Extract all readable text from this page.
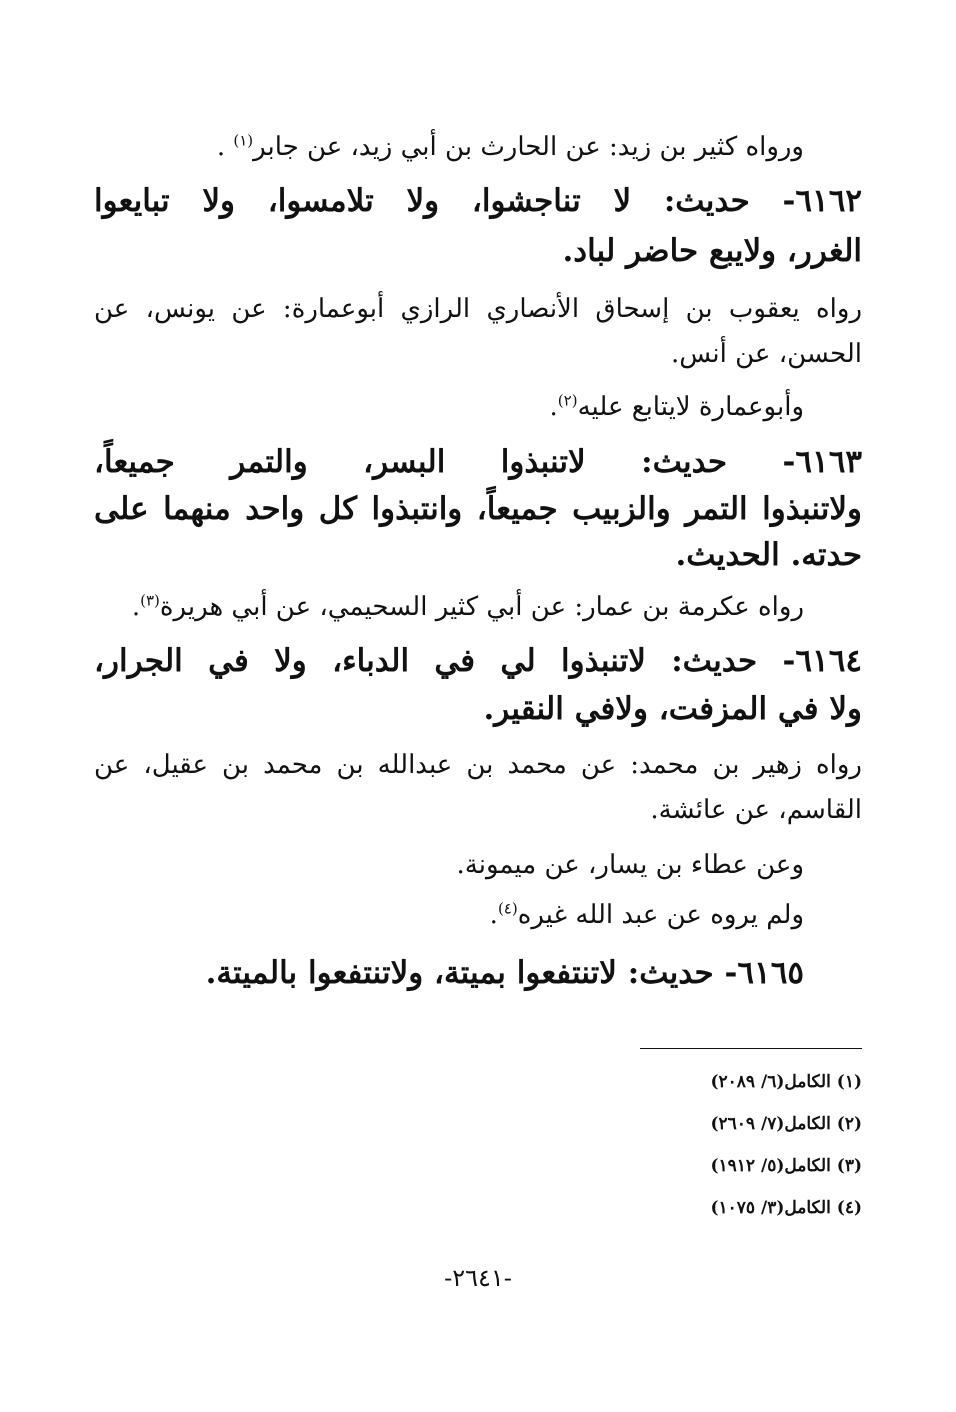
ورواه كثير بن زيد: عن الحارث بن أبي زيد، عن جابر$^{(١)}$ .
٦١٦٢- حديث: لا تناجشوا، ولا تلامسوا، ولا تبايعوا
الغرر، ولايبع حاضر لباد.
رواه يعقوب بن إسحاق الأنصاري الرازي أبوعمارة: عن يونس، عن
الحسن، عن أنس.
وأبوعمارة لايتابع عليه$^{(٢)}$.
٦١٦٣- حديث: لاتنبذوا البسر، والتمر جميعاً،
ولاتنبذوا التمر والزبيب جميعاً، وانتبذوا كل واحد منهما على
حدته. الحديث.
رواه عكرمة بن عمار: عن أبي كثير السحيمي، عن أبي هريرة$^{(٣)}$.
٦١٦٤- حديث: لاتنبذوا لي في الدباء، ولا في الجرار،
ولا في المزفت، ولافي النقير.
رواه زهير بن محمد: عن محمد بن عبدالله بن محمد بن عقيل، عن
القاسم، عن عائشة.
وعن عطاء بن يسار، عن ميمونة.
ولم يروه عن عبد الله غيره$^{(٤)}$.
٦١٦٥- حديث: لاتنتفعوا بميتة، ولاتنتفعوا بالميتة.
(١) الكامل(٦/ ٢٠٨٩)
(٢) الكامل(٧/ ٢٦٠٩)
(٣) الكامل(٥/ ١٩١٢)
(٤) الكامل(٣/ ١٠٧٥)
-٢٦٤١-
